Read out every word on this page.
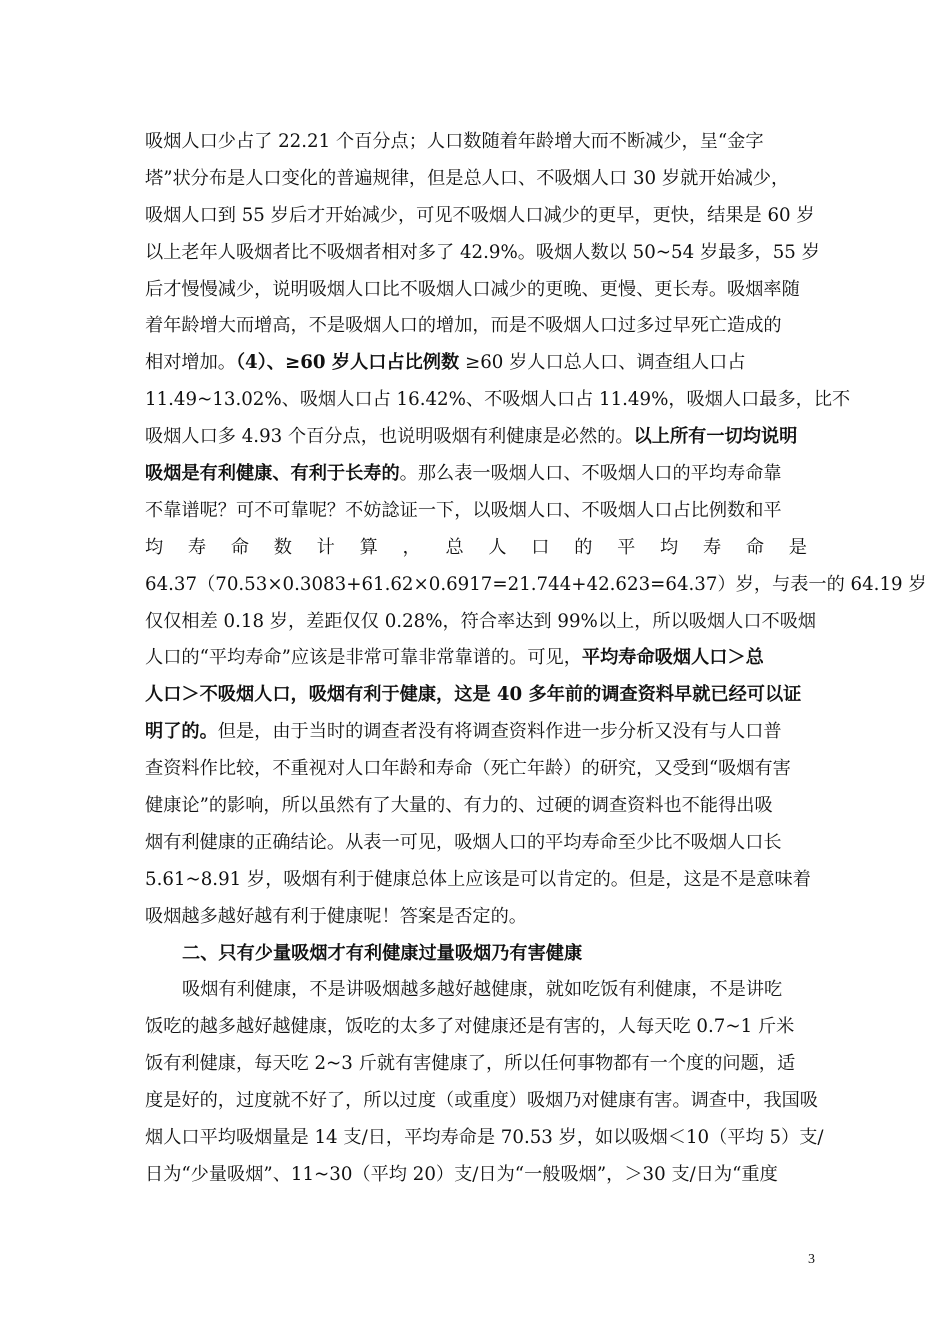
吸烟人口少占了 22.21 个百分点；人口数随着年龄增大而不断减少，呈“金字
塔”状分布是人口变化的普遍规律，但是总人口、不吸烟人口 30 岁就开始减少，
吸烟人口到 55 岁后才开始减少，可见不吸烟人口减少的更早，更快，结果是 60 岁
以上老年人吸烟者比不吸烟者相对多了 42.9%。吸烟人数以 50~54 岁最多，55 岁
后才慢慢减少，说明吸烟人口比不吸烟人口减少的更晚、更慢、更长寿。吸烟率随
着年龄增大而增高，不是吸烟人口的增加，而是不吸烟人口过多过早死亡造成的
相对增加。（4）、≥60 岁人口占比例数 ≥60 岁人口总人口、调查组人口占
11.49~13.02%、吸烟人口占 16.42%、不吸烟人口占 11.49%，吸烟人口最多，比不
吸烟人口多 4.93 个百分点，也说明吸烟有利健康是必然的。以上所有一切均说明
吸烟是有利健康、有利于长寿的。那么表一吸烟人口、不吸烟人口的平均寿命靠
不靠谱呢？可不可靠呢？不妨諗证一下，以吸烟人口、不吸烟人口占比例数和平
均 寿 命 数 计 算 ， 总 人 口 的 平 均 寿 命 是
64.37（70.53×0.3083+61.62×0.6917=21.744+42.623=64.37）岁，与表一的 64.19 岁
仅仅相差 0.18 岁，差距仅仅 0.28%，符合率达到 99%以上，所以吸烟人口不吸烟
人口的“平均寿命”应该是非常可靠非常靠谱的。可见，平均寿命吸烟人口＞总
人口＞不吸烟人口，吸烟有利于健康，这是 40 多年前的调查资料早就已经可以证
明了的。但是，由于当时的调查者没有将调查资料作进一步分析又没有与人口普
查资料作比较，不重视对人口年龄和寿命（死亡年龄）的研究，又受到“吸烟有害
健康论”的影响，所以虽然有了大量的、有力的、过硬的调查资料也不能得出吸
烟有利健康的正确结论。从表一可见，吸烟人口的平均寿命至少比不吸烟人口长
5.61~8.91 岁，吸烟有利于健康总体上应该是可以肯定的。但是，这是不是意味着
吸烟越多越好越有利于健康呢！答案是否定的。
二、只有少量吸烟才有利健康过量吸烟乃有害健康
吸烟有利健康，不是讲吸烟越多越好越健康，就如吃饭有利健康，不是讲吃
饭吃的越多越好越健康，饭吃的太多了对健康还是有害的，人每天吃 0.7~1 斤米
饭有利健康，每天吃 2~3 斤就有害健康了，所以任何事物都有一个度的问题，适
度是好的，过度就不好了，所以过度（或重度）吸烟乃对健康有害。调查中，我国吸
烟人口平均吸烟量是 14 支/日，平均寿命是 70.53 岁，如以吸烟＜10（平均 5）支/
日为“少量吸烟”、11~30（平均 20）支/日为“一般吸烟”，＞30 支/日为“重度
3
